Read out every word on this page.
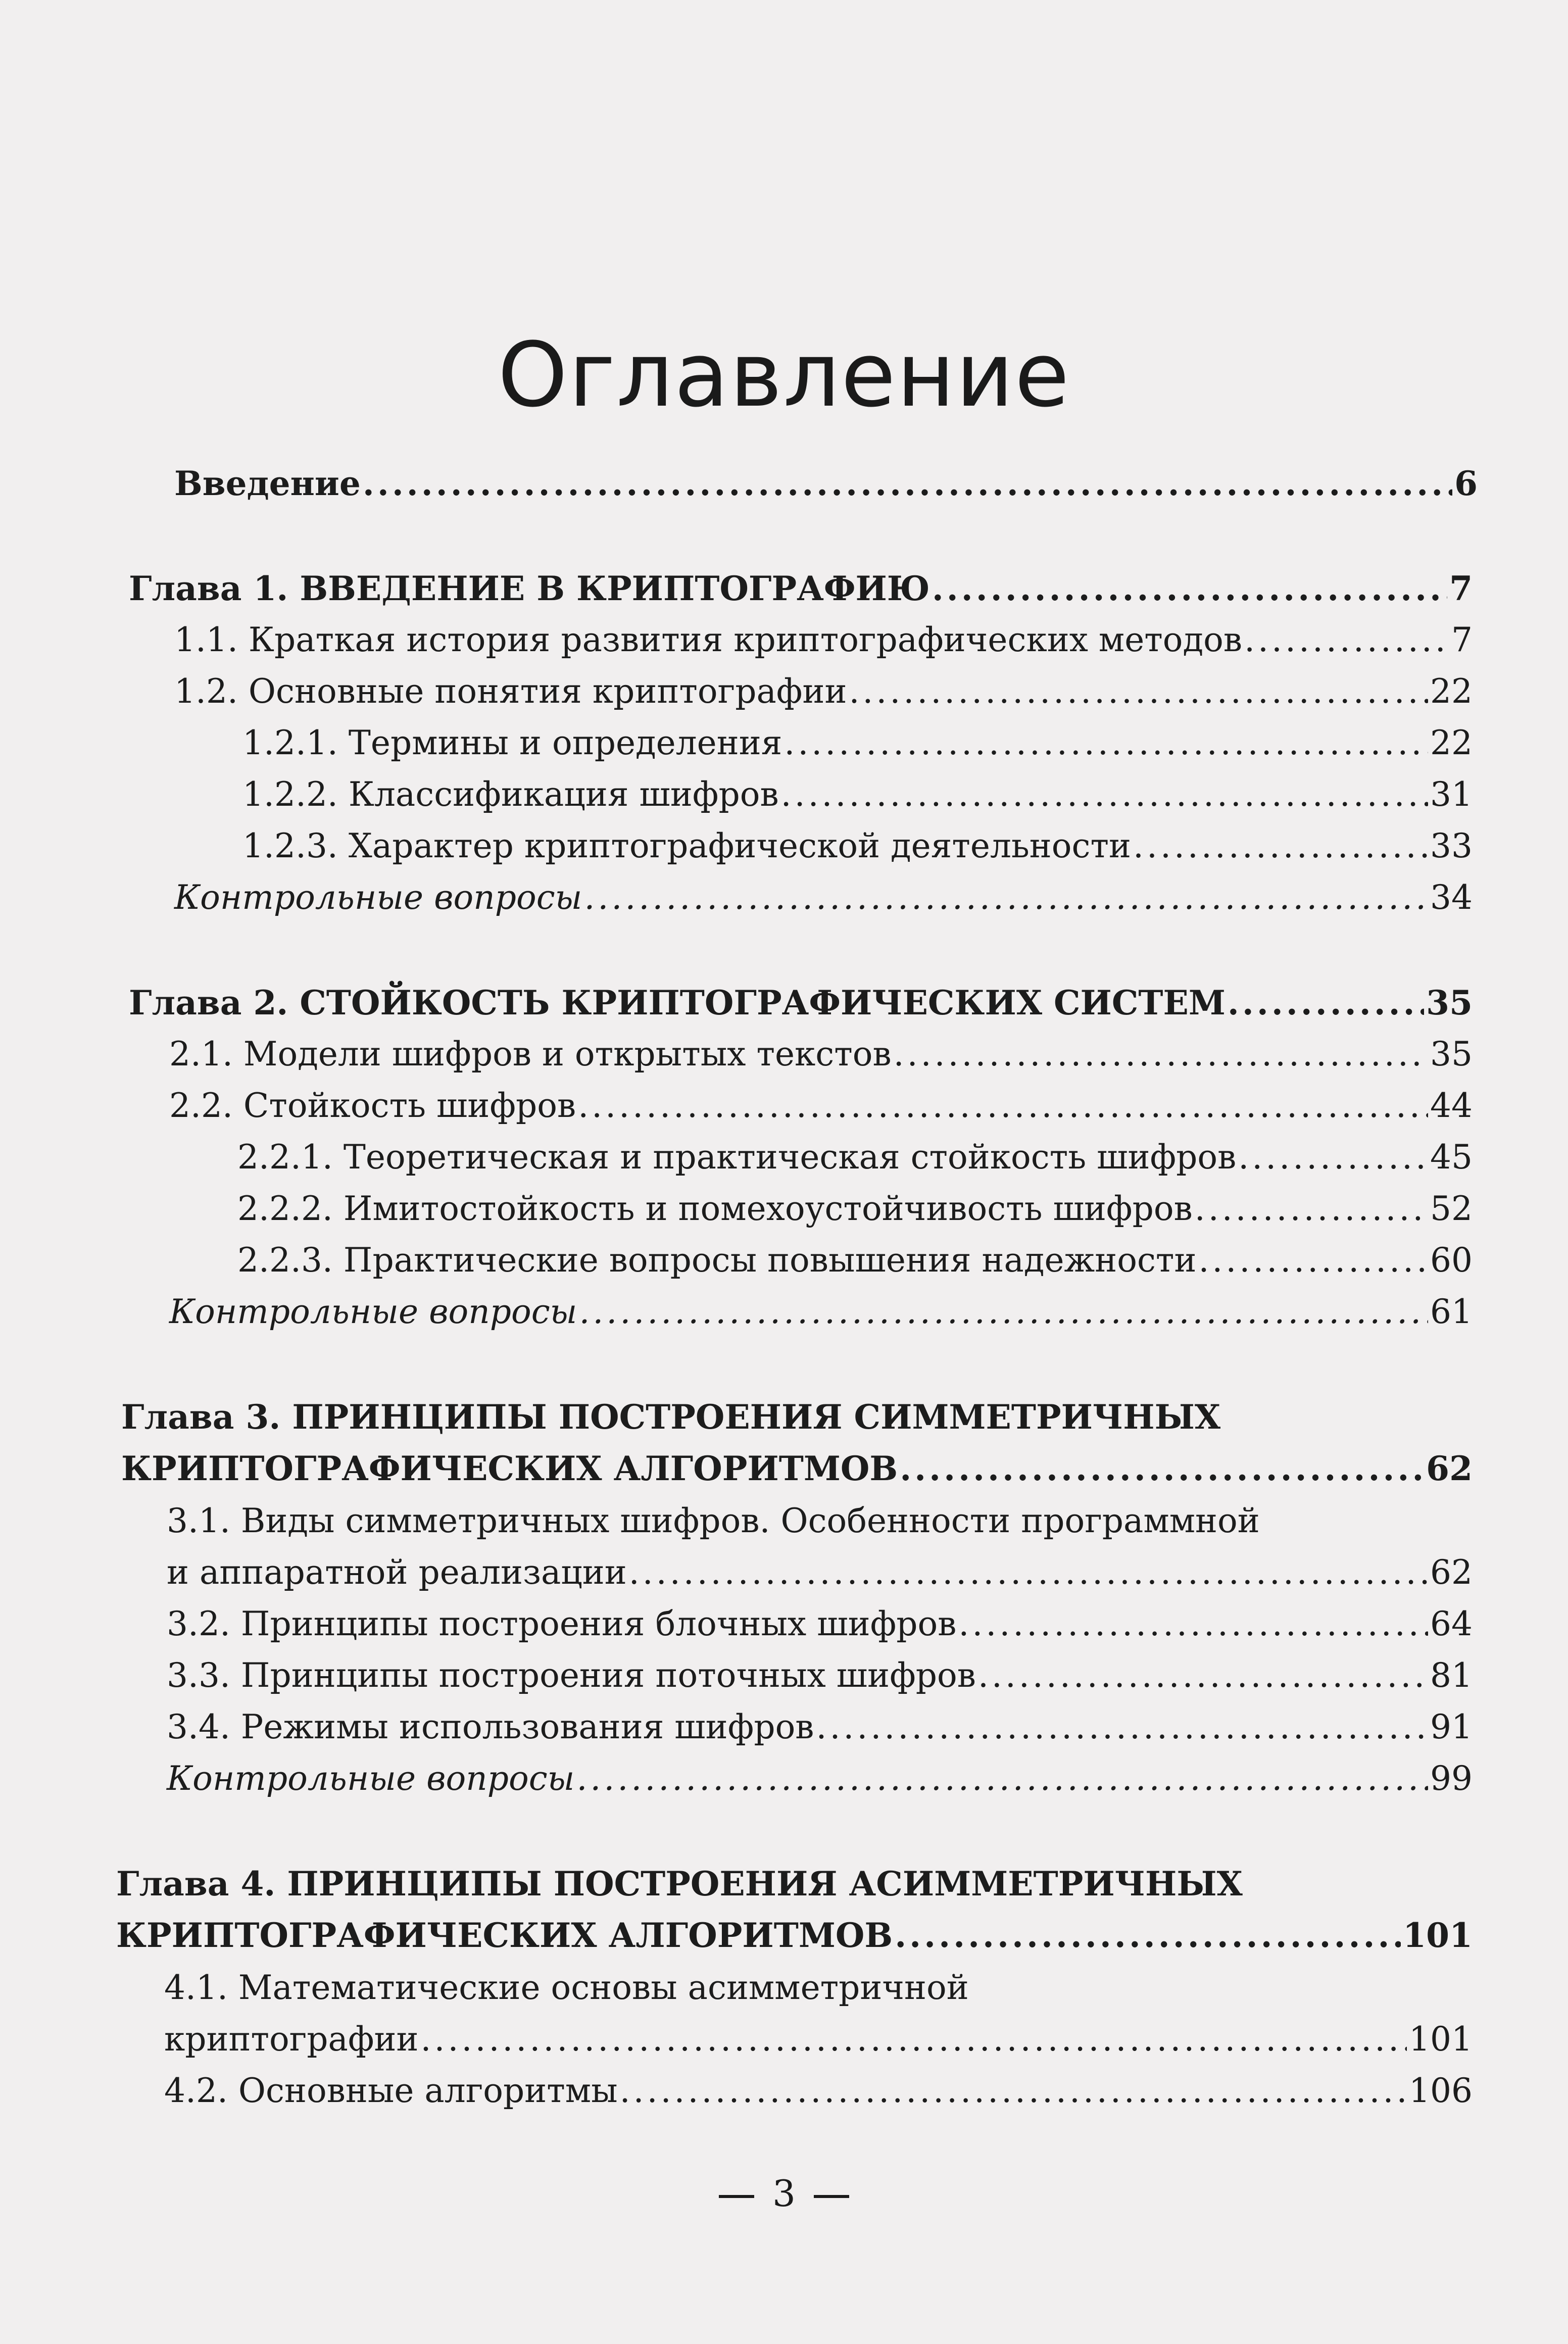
Оглавление
Введение .....	6
Глава 1. ВВЕДЕНИЕ В КРИПТОГРАФИЮ .....	7
1.1. Краткая история развития криптографических методов .....	7
1.2. Основные понятия криптографии .....	22
1.2.1. Термины и определения .....	22
1.2.2. Классификация шифров .....	31
1.2.3. Характер криптографической деятельности .....	33
Контрольные вопросы .....	34
Глава 2. СТОЙКОСТЬ КРИПТОГРАФИЧЕСКИХ СИСТЕМ .....	35
2.1. Модели шифров и открытых текстов .....	35
2.2. Стойкость шифров .....	44
2.2.1. Теоретическая и практическая стойкость шифров .....	45
2.2.2. Имитостойкость и помехоустойчивость шифров .....	52
2.2.3. Практические вопросы повышения надежности .....	60
Контрольные вопросы .....	61
Глава 3. ПРИНЦИПЫ ПОСТРОЕНИЯ СИММЕТРИЧНЫХ
КРИПТОГРАФИЧЕСКИХ АЛГОРИТМОВ .....	62
3.1. Виды симметричных шифров. Особенности программной
и аппаратной реализации .....	62
3.2. Принципы построения блочных шифров .....	64
3.3. Принципы построения поточных шифров .....	81
3.4. Режимы использования шифров .....	91
Контрольные вопросы .....	99
Глава 4. ПРИНЦИПЫ ПОСТРОЕНИЯ АСИММЕТРИЧНЫХ
КРИПТОГРАФИЧЕСКИХ АЛГОРИТМОВ .....	101
4.1. Математические основы асимметричной
криптографии .....	101
4.2. Основные алгоритмы .....	106
3
